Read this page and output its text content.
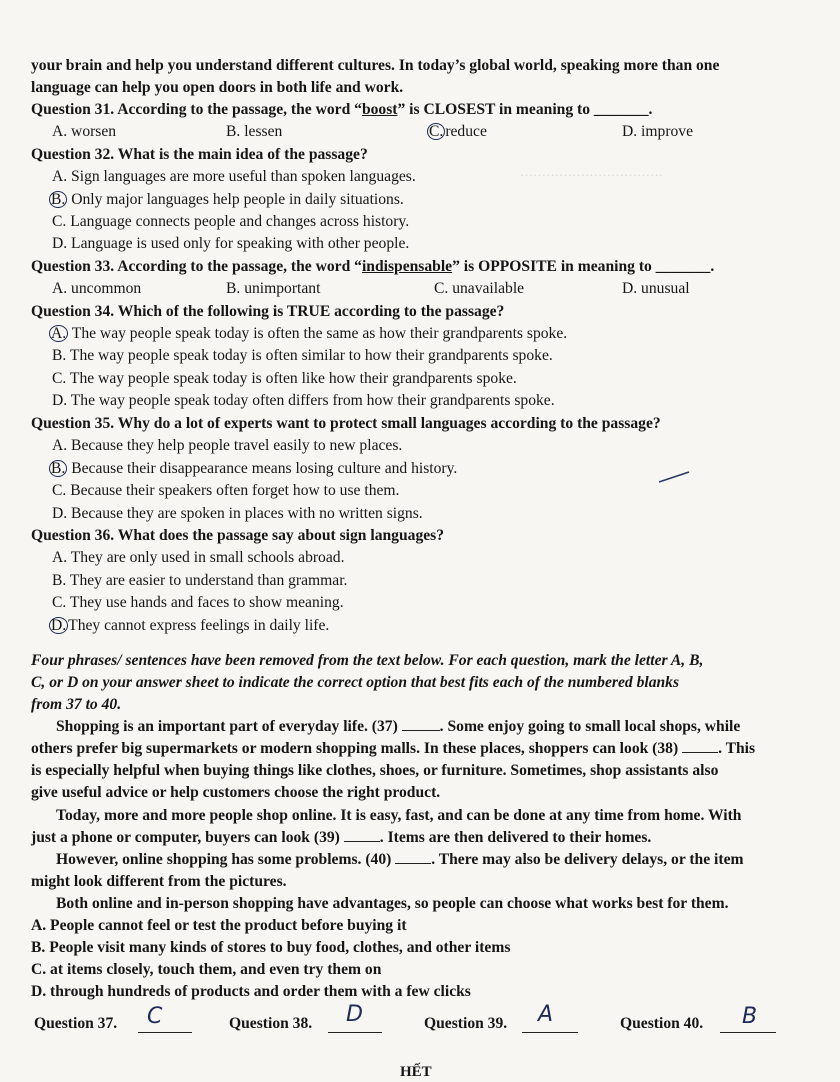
……………………………
your brain and help you understand different cultures. In today’s global world, speaking more than one
language can help you open doors in both life and work.
Question 31. According to the passage, the word “boost” is CLOSEST in meaning to _______.
A. worsen	B. lessen	C. reduce	D. improve
Question 32. What is the main idea of the passage?
A. Sign languages are more useful than spoken languages.
B. Only major languages help people in daily situations.
C. Language connects people and changes across history.
D. Language is used only for speaking with other people.
Question 33. According to the passage, the word “indispensable” is OPPOSITE in meaning to _______.
A. uncommon	B. unimportant	C. unavailable	D. unusual
Question 34. Which of the following is TRUE according to the passage?
A. The way people speak today is often the same as how their grandparents spoke.
B. The way people speak today is often similar to how their grandparents spoke.
C. The way people speak today is often like how their grandparents spoke.
D. The way people speak today often differs from how their grandparents spoke.
Question 35. Why do a lot of experts want to protect small languages according to the passage?
A. Because they help people travel easily to new places.
B. Because their disappearance means losing culture and history.
C. Because their speakers often forget how to use them.
D. Because they are spoken in places with no written signs.
Question 36. What does the passage say about sign languages?
A. They are only used in small schools abroad.
B. They are easier to understand than grammar.
C. They use hands and faces to show meaning.
D. They cannot express feelings in daily life.
Four phrases/ sentences have been removed from the text below. For each question, mark the letter A, B,
C, or D on your answer sheet to indicate the correct option that best fits each of the numbered blanks
from 37 to 40.
Shopping is an important part of everyday life. (37) . Some enjoy going to small local shops, while
others prefer big supermarkets or modern shopping malls. In these places, shoppers can look (38) . This
is especially helpful when buying things like clothes, shoes, or furniture. Sometimes, shop assistants also
give useful advice or help customers choose the right product.
Today, more and more people shop online. It is easy, fast, and can be done at any time from home. With
just a phone or computer, buyers can look (39) . Items are then delivered to their homes.
However, online shopping has some problems. (40) . There may also be delivery delays, or the item
might look different from the pictures.
Both online and in-person shopping have advantages, so people can choose what works best for them.
A. People cannot feel or test the product before buying it
B. People visit many kinds of stores to buy food, clothes, and other items
C. at items closely, touch them, and even try them on
D. through hundreds of products and order them with a few clicks
Question 37. C	Question 38. D	Question 39. A	Question 40. B
HẾT
